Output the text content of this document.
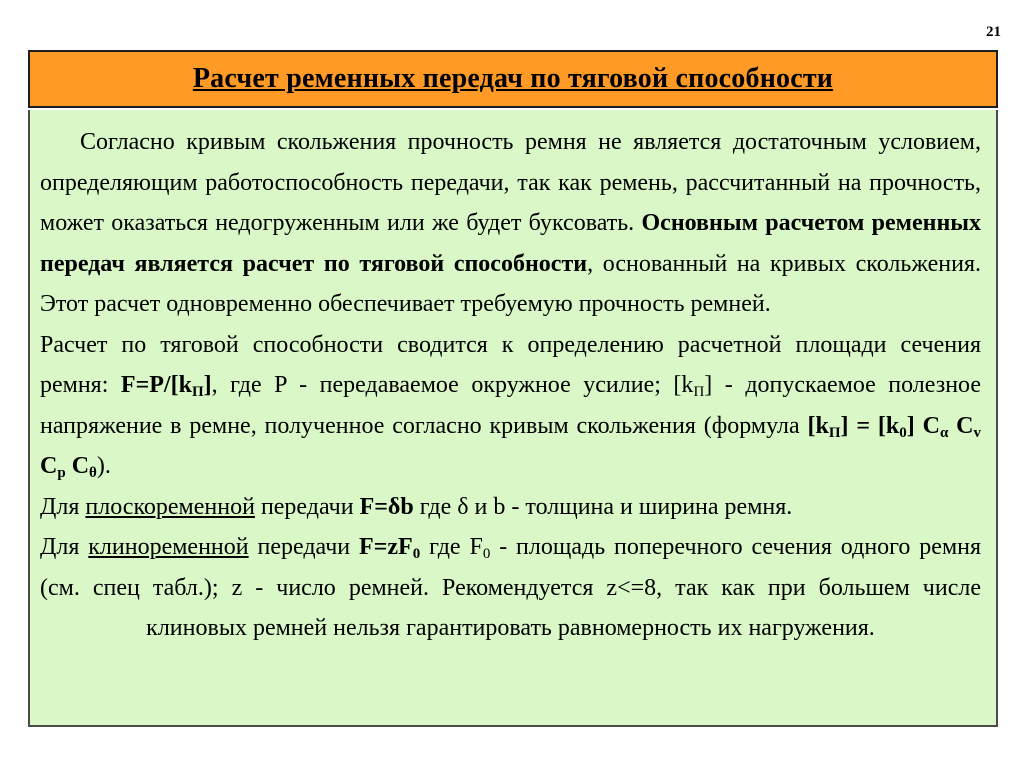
21
Расчет ременных передач по тяговой способности

Согласно кривым скольжения прочность ремня не является достаточным условием, определяющим работоспособность передачи, так как ремень, рассчитанный на прочность, может оказаться недогруженным или же будет буксовать. Основным расчетом ременных передач является расчет по тяговой способности, основанный на кривых скольжения. Этот расчет одновременно обеспечивает требуемую прочность ремней.

Расчет по тяговой способности сводится к определению расчетной площади сечения ремня: $F=P/[k_П]$, где P - передаваемое окружное усилие; $[k_П]$ - допускаемое полезное напряжение в ремне, полученное согласно кривым скольжения (формула $[k_П] = [k_0]$ $C_\alpha$ $C_v$ $C_p$ $C_\theta$).

Для плоскоременной передачи F=δb где δ и b - толщина и ширина ремня.

Для клиноременной передачи $F=zF_0$ где $F_0$ - площадь поперечного сечения одного ремня (см. спец табл.); z - число ремней. Рекомендуется z<=8, так как при большем числе клиновых ремней нельзя гарантировать равномерность их нагружения.
